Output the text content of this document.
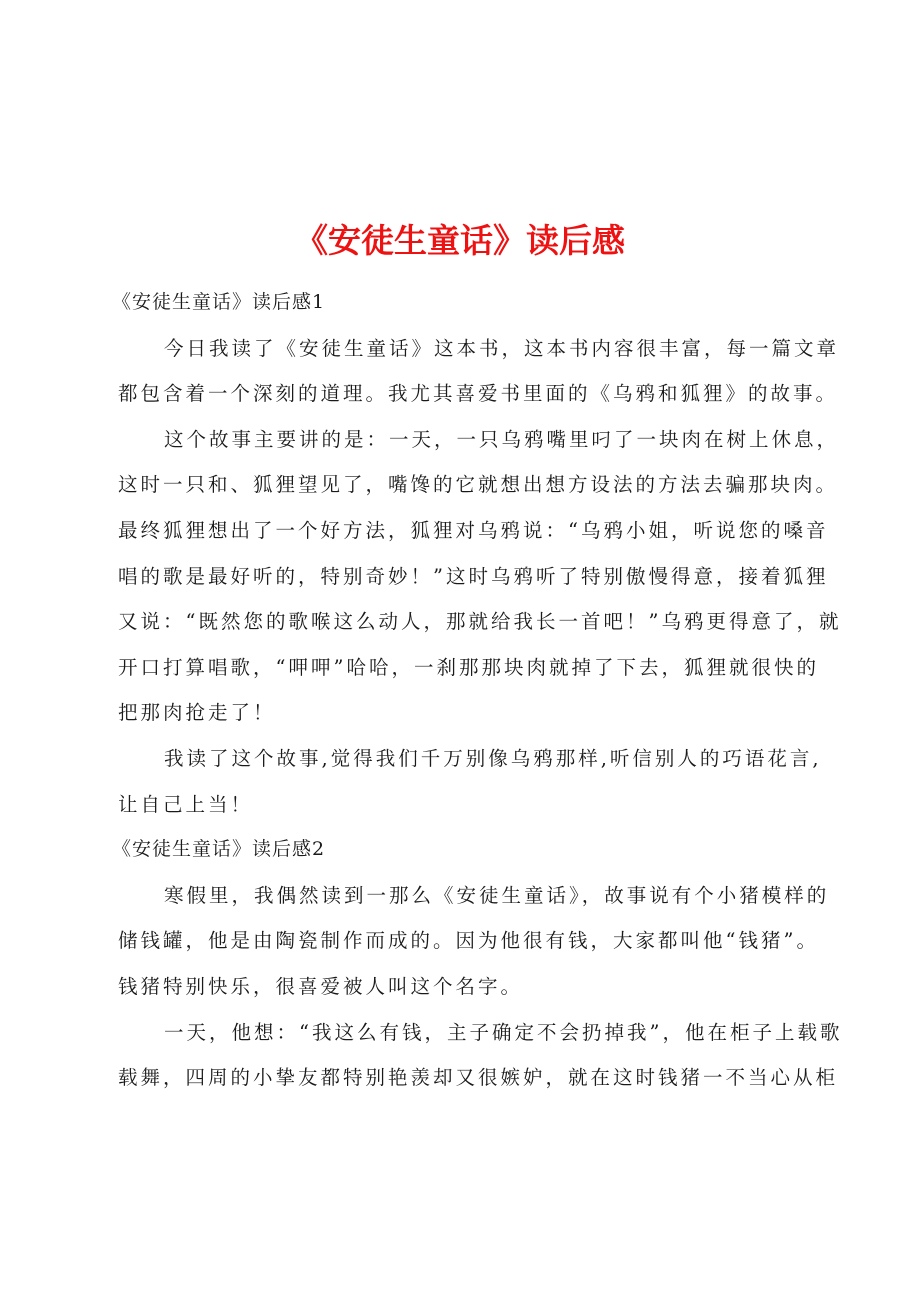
《安徒生童话》读后感

《安徒生童话》读后感1

今日我读了《安徒生童话》这本书，这本书内容很丰富，每一篇文章
都包含着一个深刻的道理。我尤其喜爱书里面的《乌鸦和狐狸》的故事。

这个故事主要讲的是：一天，一只乌鸦嘴里叼了一块肉在树上休息，
这时一只和、狐狸望见了，嘴馋的它就想出想方设法的方法去骗那块肉。
最终狐狸想出了一个好方法，狐狸对乌鸦说：“乌鸦小姐，听说您的嗓音
唱的歌是最好听的，特别奇妙！”这时乌鸦听了特别傲慢得意，接着狐狸
又说：“既然您的歌喉这么动人，那就给我长一首吧！”乌鸦更得意了，就
开口打算唱歌，“呷呷”哈哈，一刹那那块肉就掉了下去，狐狸就很快的
把那肉抢走了！

我读了这个故事,觉得我们千万别像乌鸦那样,听信别人的巧语花言,
让自己上当！

《安徒生童话》读后感2

寒假里，我偶然读到一那么《安徒生童话》，故事说有个小猪模样的
储钱罐，他是由陶瓷制作而成的。因为他很有钱，大家都叫他“钱猪”。
钱猪特别快乐，很喜爱被人叫这个名字。

一天，他想：“我这么有钱，主子确定不会扔掉我”，他在柜子上载歌
载舞，四周的小挚友都特别艳羡却又很嫉妒，就在这时钱猪一不当心从柜
